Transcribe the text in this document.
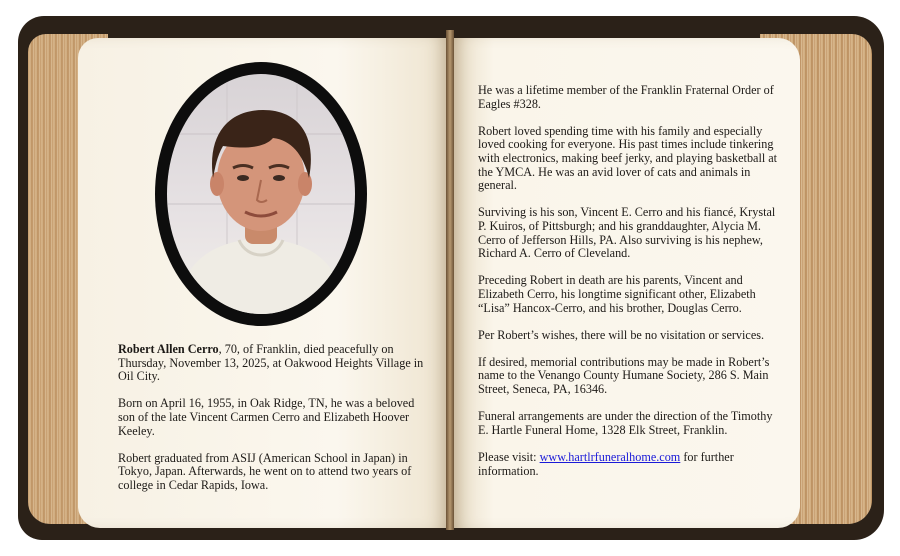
Robert Allen Cerro, 70, of Franklin, died peacefully on Thursday, November 13, 2025, at Oakwood Heights Village in Oil City.

Born on April 16, 1955, in Oak Ridge, TN, he was a beloved son of the late Vincent Carmen Cerro and Elizabeth Hoover Keeley.

Robert graduated from ASIJ (American School in Japan) in Tokyo, Japan. Afterwards, he went on to attend two years of college in Cedar Rapids, Iowa.

He was a lifetime member of the Franklin Fraternal Order of Eagles #328.

Robert loved spending time with his family and especially loved cooking for everyone. His past times include tinkering with electronics, making beef jerky, and playing basketball at the YMCA. He was an avid lover of cats and animals in general.

Surviving is his son, Vincent E. Cerro and his fiancé, Krystal P. Kuiros, of Pittsburgh; and his granddaughter, Alycia M. Cerro of Jefferson Hills, PA. Also surviving is his nephew, Richard A. Cerro of Cleveland.

Preceding Robert in death are his parents, Vincent and Elizabeth Cerro, his longtime significant other, Elizabeth “Lisa” Hancox-Cerro, and his brother, Douglas Cerro.

Per Robert’s wishes, there will be no visitation or services.

If desired, memorial contributions may be made in Robert’s name to the Venango County Humane Society, 286 S. Main Street, Seneca, PA, 16346.

Funeral arrangements are under the direction of the Timothy E. Hartle Funeral Home, 1328 Elk Street, Franklin.

Please visit: www.hartlrfuneralhome.com for further information.
